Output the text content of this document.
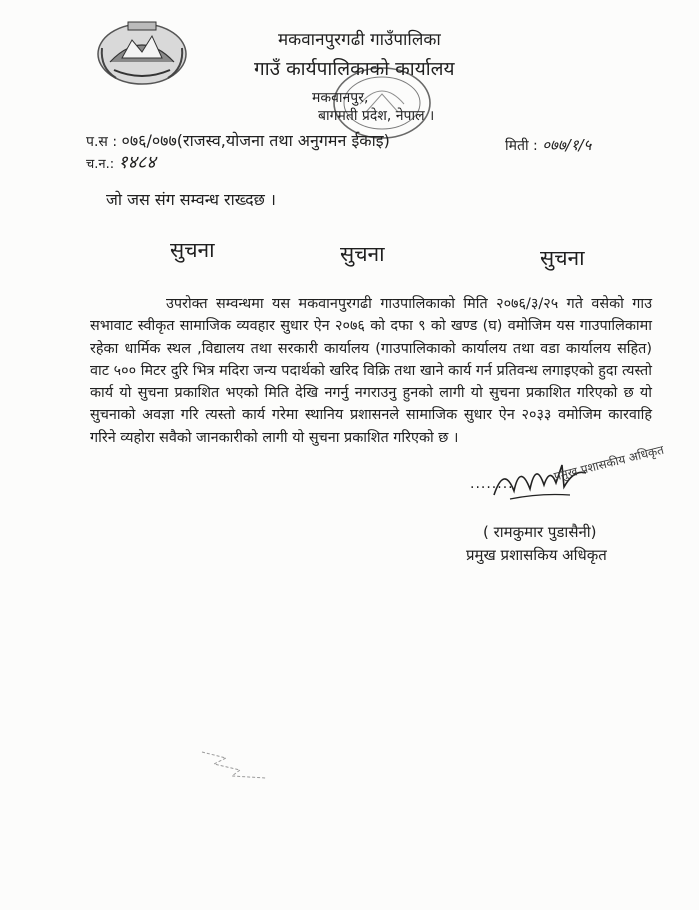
मकवानपुरगढी गाउँपालिका
गाउँ कार्यपालिकाको कार्यालय
मकवानपुर,
बागमती प्रदेश, नेपाल ।
प.स : ०७६/०७७(राजस्व,योजना तथा अनुगमन ईकाइ)
च.न.: १४८४
मिती : ०७७/१/५
जो जस संग सम्वन्ध राख्दछ ।
सुचना	सुचना	सुचना
उपरोक्त सम्वन्धमा यस मकवानपुरगढी गाउपालिकाको मिति २०७६/३/२५ गते वसेको गाउ सभावाट स्वीकृत सामाजिक व्यवहार सुधार ऐन २०७६ को दफा ९ को खण्ड (घ) वमोजिम यस गाउपालिकामा रहेका धार्मिक स्थल ,विद्यालय तथा सरकारी कार्यालय (गाउपालिकाको कार्यालय तथा वडा कार्यालय सहित) वाट ५०० मिटर दुरि भित्र मदिरा जन्य पदार्थको खरिद विक्रि तथा खाने कार्य गर्न प्रतिवन्ध लगाइएको हुदा त्यस्तो कार्य यो सुचना प्रकाशित भएको मिति देखि नगर्नु नगराउनु हुनको लागी यो सुचना प्रकाशित गरिएको छ यो सुचनाको अवज्ञा गरि त्यस्तो कार्य गरेमा स्थानिय प्रशासनले सामाजिक सुधार ऐन २०३३ वमोजिम कारवाहि गरिने व्यहोरा सवैको जानकारीको लागी यो सुचना प्रकाशित गरिएको छ ।
प्रमुख प्रशासकीय अधिकृत
........
( रामकुमार पुडासैनी)
प्रमुख प्रशासकिय अधिकृत
